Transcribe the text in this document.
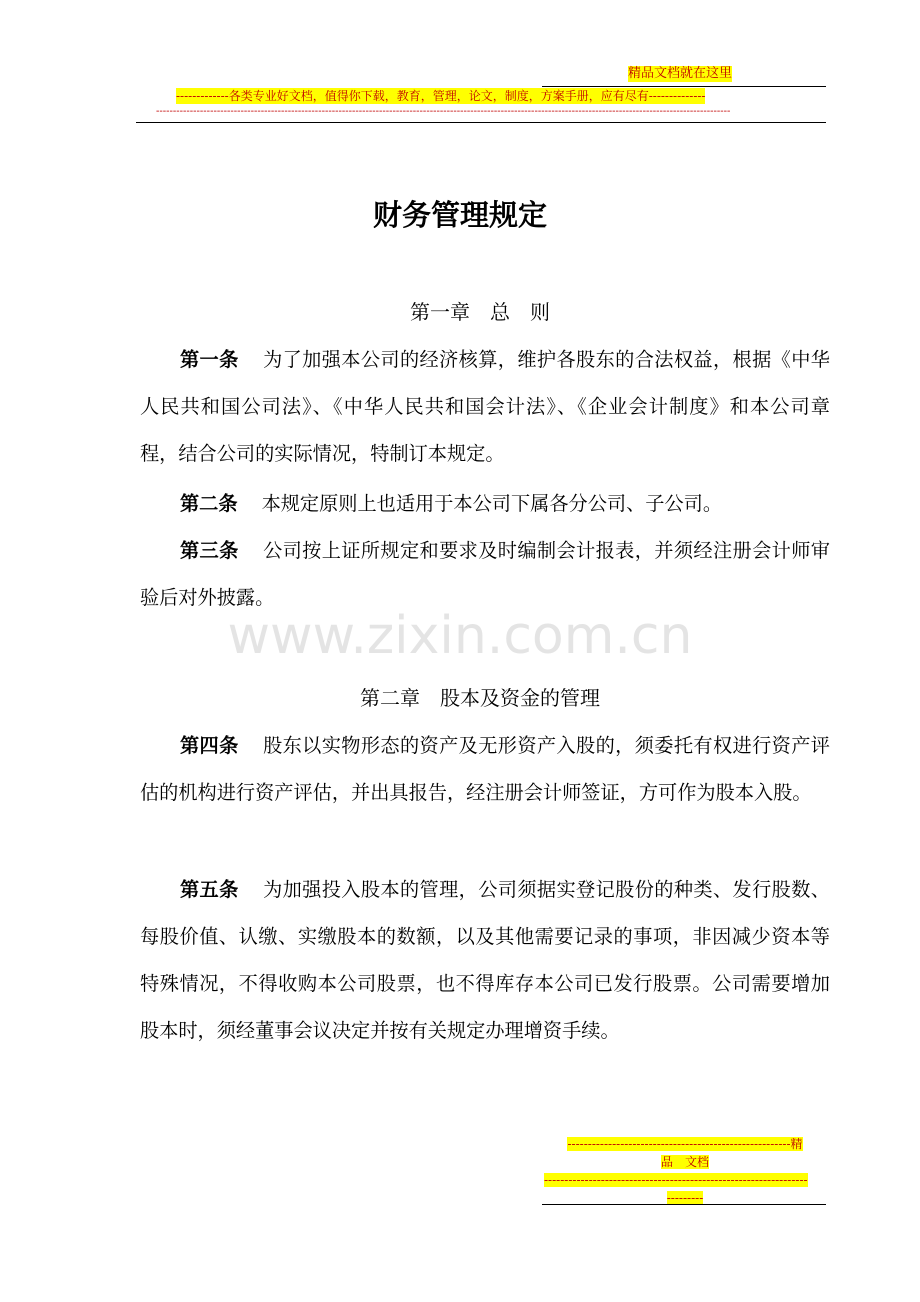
精品文档就在这里
-------------各类专业好文档，值得你下载，教育，管理，论文，制度，方案手册，应有尽有--------------
--------------------------------------------------------------------------------------------------------------------------------------------------------------------------
www.zixin.com.cn
财务管理规定
第一章　总　则

第一条 为了加强本公司的经济核算，维护各股东的合法权益，根据《中华人民共和国公司法》、《中华人民共和国会计法》、《企业会计制度》和本公司章程，结合公司的实际情况，特制订本规定。

第二条 本规定原则上也适用于本公司下属各分公司、子公司。

第三条 公司按上证所规定和要求及时编制会计报表，并须经注册会计师审验后对外披露。

第二章　股本及资金的管理

第四条 股东以实物形态的资产及无形资产入股的，须委托有权进行资产评估的机构进行资产评估，并出具报告，经注册会计师签证，方可作为股本入股。

第五条 为加强投入股本的管理，公司须据实登记股份的种类、发行股数、每股价值、认缴、实缴股本的数额，以及其他需要记录的事项，非因减少资本等特殊情况，不得收购本公司股票，也不得库存本公司已发行股票。公司需要增加股本时，须经董事会议决定并按有关规定办理增资手续。

-------------------------------------------------------精
品　文档
-----------------------------------------------------------------
---------
